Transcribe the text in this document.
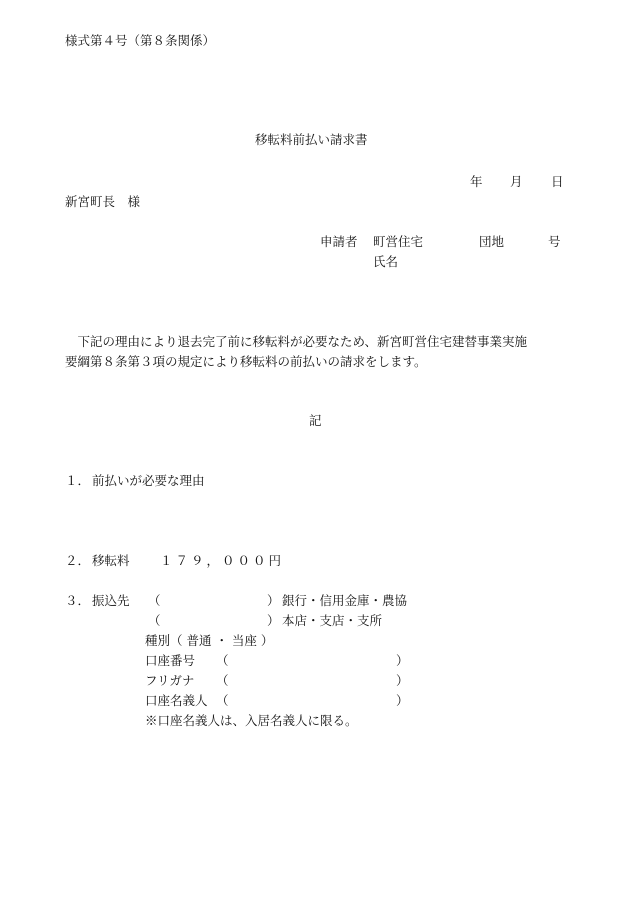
様式第４号（第８条関係）
移転料前払い請求書
年 月 日
新宮町長　様
申請者 町営住宅	団地	号
氏名
　下記の理由により退去完了前に移転料が必要なため、新宮町営住宅建替事業実施
要綱第８条第３項の規定により移転料の前払いの請求をします。
記
１． 前払いが必要な理由
２． 移転料 １７９，０００円
３． 振込先 （	） 銀行・信用金庫・農協
（	） 本店・支店・支所
種別（ 普通 ・ 当座 ）
口座番号 （	）
フリガナ （	）
口座名義人 （	）
※口座名義人は、入居名義人に限る。
